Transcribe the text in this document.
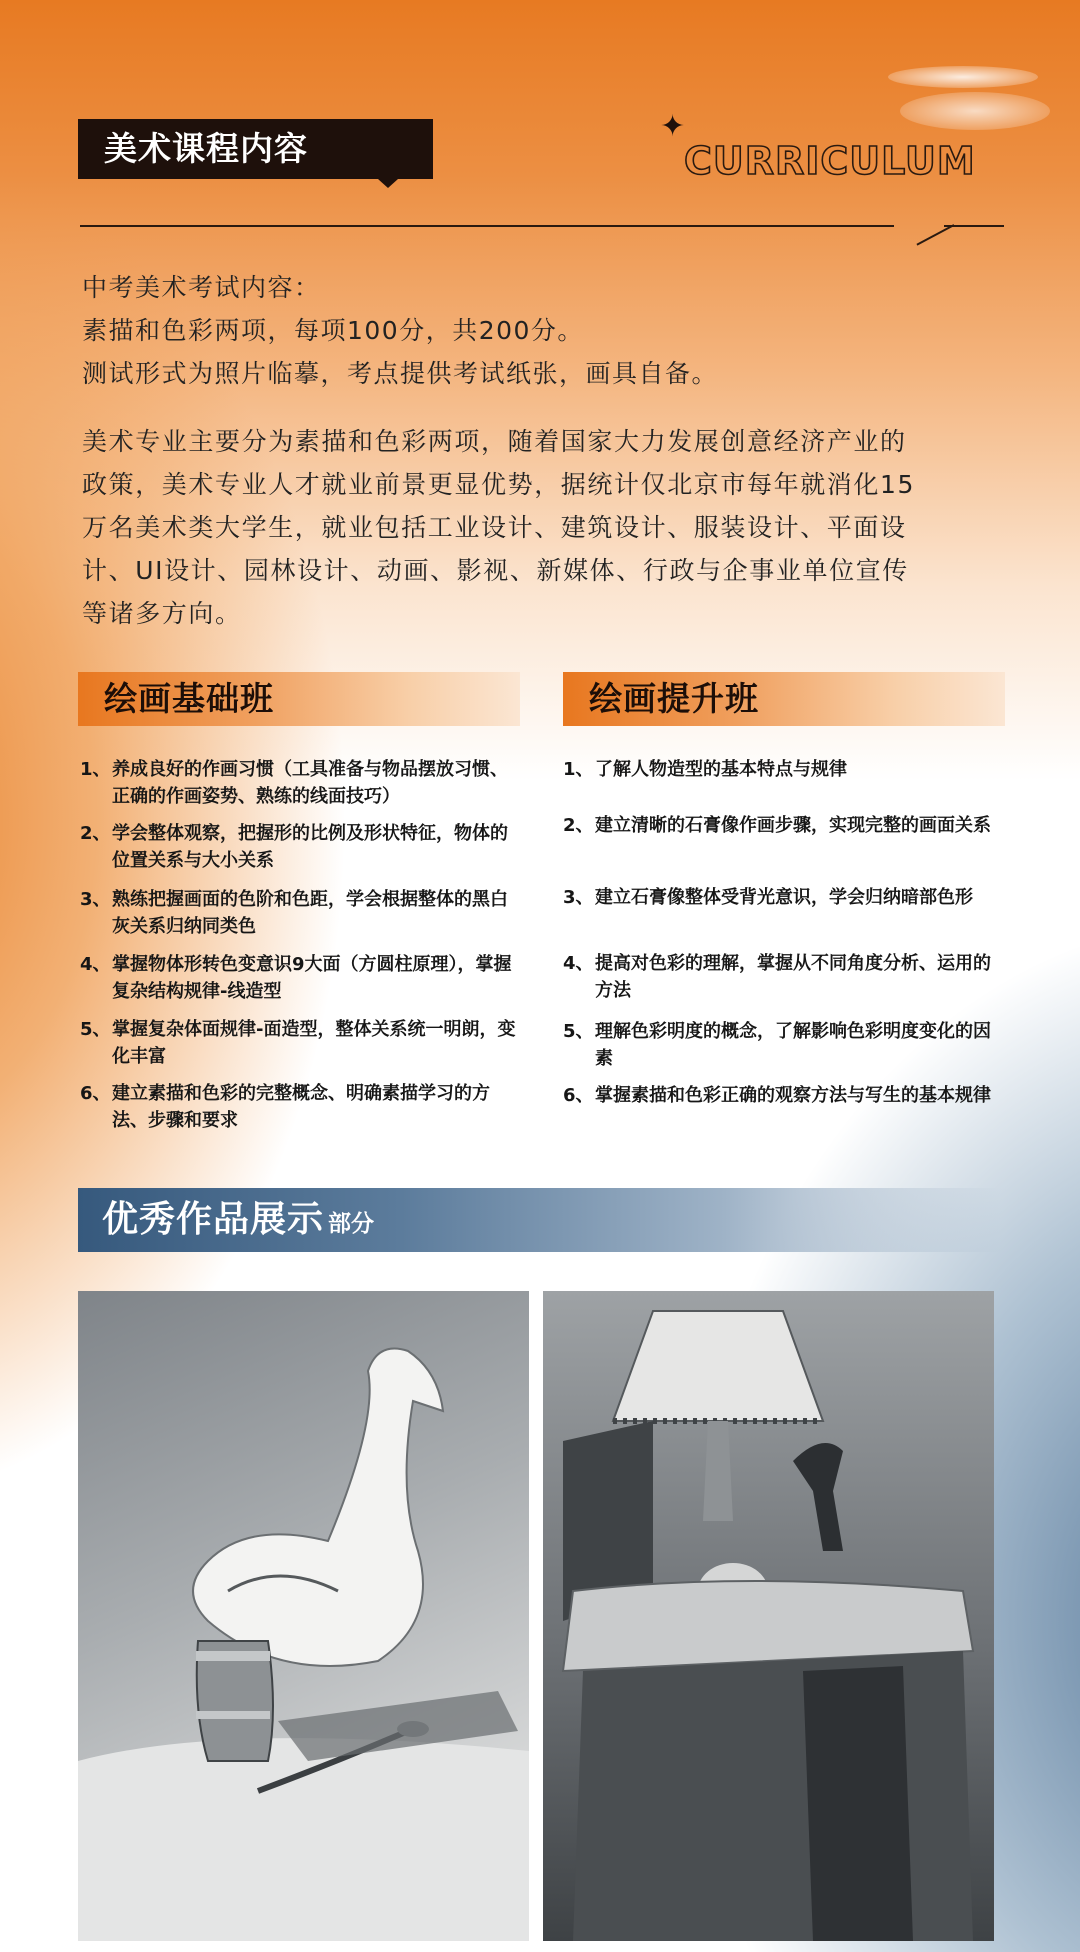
美术课程内容
✦
CURRICULUM
中考美术考试内容：
素描和色彩两项，每项100分，共200分。
测试形式为照片临摹，考点提供考试纸张，画具自备。
美术专业主要分为素描和色彩两项，随着国家大力发展创意经济产业的
政策，美术专业人才就业前景更显优势，据统计仅北京市每年就消化15
万名美术类大学生，就业包括工业设计、建筑设计、服装设计、平面设
计、UI设计、园林设计、动画、影视、新媒体、行政与企事业单位宣传
等诸多方向。
绘画基础班
1、 养成良好的作画习惯（工具准备与物品摆放习惯、正确的作画姿势、熟练的线面技巧）
2、 学会整体观察，把握形的比例及形状特征，物体的位置关系与大小关系
3、 熟练把握画面的色阶和色距，学会根据整体的黑白灰关系归纳同类色
4、 掌握物体形转色变意识9大面（方圆柱原理），掌握复杂结构规律-线造型
5、 掌握复杂体面规律-面造型，整体关系统一明朗，变化丰富
6、 建立素描和色彩的完整概念、明确素描学习的方法、步骤和要求
绘画提升班
1、 了解人物造型的基本特点与规律
2、 建立清晰的石膏像作画步骤，实现完整的画面关系
3、 建立石膏像整体受背光意识，学会归纳暗部色形
4、 提高对色彩的理解，掌握从不同角度分析、运用的方法
5、 理解色彩明度的概念，了解影响色彩明度变化的因素
6、 掌握素描和色彩正确的观察方法与写生的基本规律
优秀作品展示 部分
